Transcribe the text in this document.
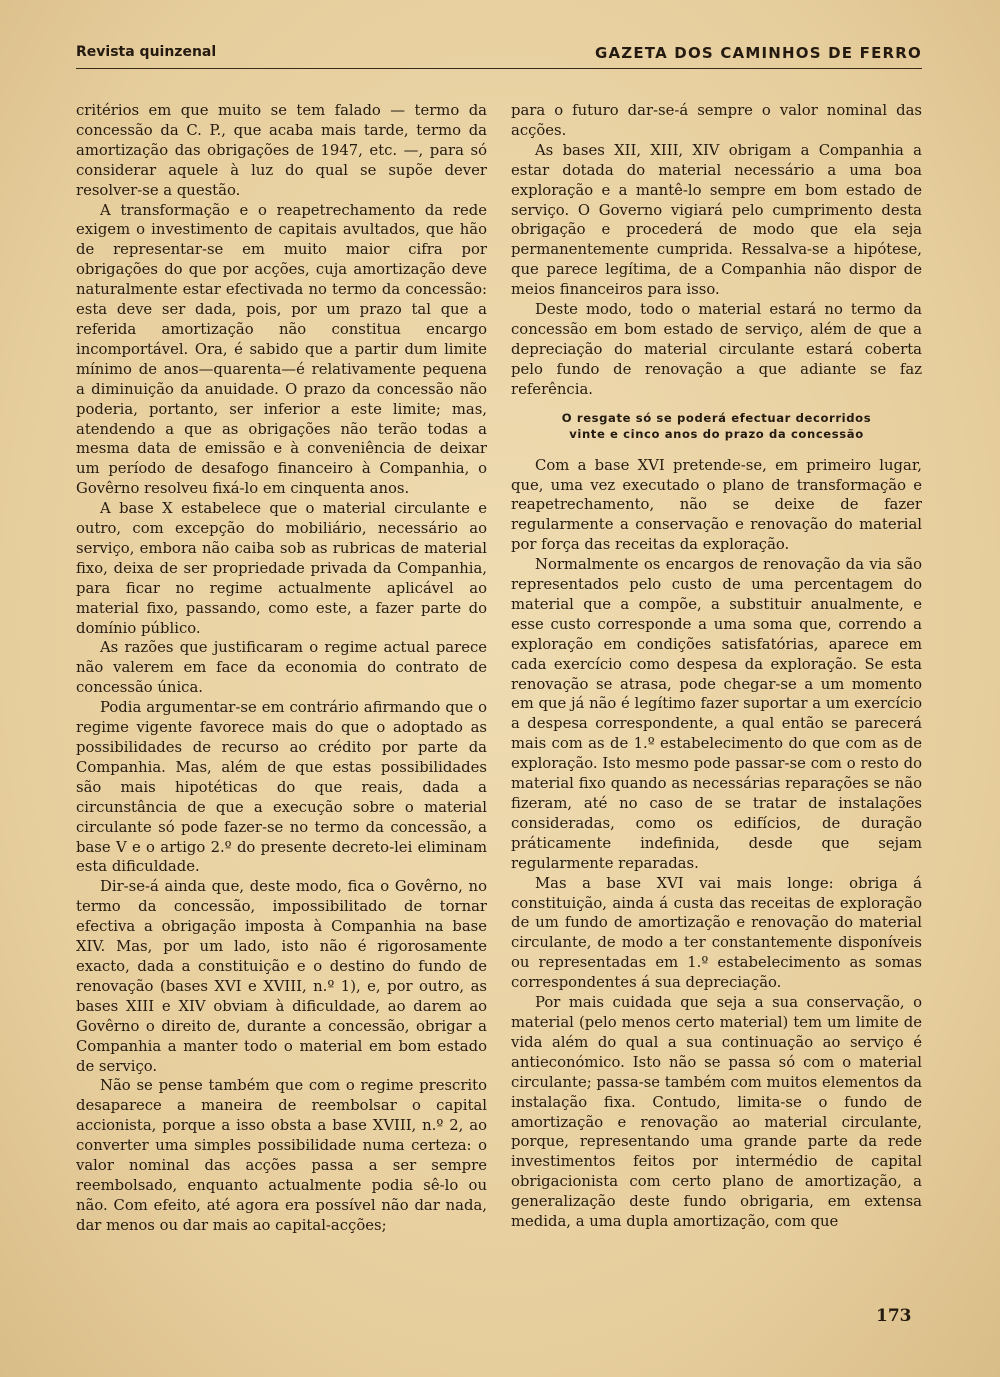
Revista quinzenal	GAZETA DOS CAMINHOS DE FERRO

critérios em que muito se tem falado — termo da concessão da C. P., que acaba mais tarde, termo da amortização das obrigações de 1947, etc. —, para só considerar aquele à luz do qual se supõe dever resolver-se a questão.

A transformação e o reapetrechamento da rede exigem o investimento de capitais avultados, que hão de representar-se em muito maior cifra por obrigações do que por acções, cuja amortização deve naturalmente estar efectivada no termo da concessão: esta deve ser dada, pois, por um prazo tal que a referida amortização não constitua encargo incomportável. Ora, é sabido que a partir dum limite mínimo de anos—quarenta—é relativamente pequena a diminuição da anuidade. O prazo da concessão não poderia, portanto, ser inferior a este limite; mas, atendendo a que as obrigações não terão todas a mesma data de emissão e à conveniência de deixar um período de desafogo financeiro à Companhia, o Govêrno resolveu fixá-lo em cinquenta anos.

A base X estabelece que o material circulante e outro, com excepção do mobiliário, necessário ao serviço, embora não caiba sob as rubricas de material fixo, deixa de ser propriedade privada da Companhia, para ficar no regime actualmente aplicável ao material fixo, passando, como este, a fazer parte do domínio público.

As razões que justificaram o regime actual parece não valerem em face da economia do contrato de concessão única.

Podia argumentar-se em contrário afirmando que o regime vigente favorece mais do que o adoptado as possibilidades de recurso ao crédito por parte da Companhia. Mas, além de que estas possibilidades são mais hipotéticas do que reais, dada a circunstância de que a execução sobre o material circulante só pode fazer-se no termo da concessão, a base V e o artigo 2.º do presente decreto-lei eliminam esta dificuldade.

Dir-se-á ainda que, deste modo, fica o Govêrno, no termo da concessão, impossibilitado de tornar efectiva a obrigação imposta à Companhia na base XIV. Mas, por um lado, isto não é rigorosamente exacto, dada a constituição e o destino do fundo de renovação (bases XVI e XVIII, n.º 1), e, por outro, as bases XIII e XIV obviam à dificuldade, ao darem ao Govêrno o direito de, durante a concessão, obrigar a Companhia a manter todo o material em bom estado de serviço.

Não se pense também que com o regime prescrito desaparece a maneira de reembolsar o capital accionista, porque a isso obsta a base XVIII, n.º 2, ao converter uma simples possibilidade numa certeza: o valor nominal das acções passa a ser sempre reembolsado, enquanto actualmente podia sê-lo ou não. Com efeito, até agora era possível não dar nada, dar menos ou dar mais ao capital-acções;

para o futuro dar-se-á sempre o valor nominal das acções.

As bases XII, XIII, XIV obrigam a Companhia a estar dotada do material necessário a uma boa exploração e a mantê-lo sempre em bom estado de serviço. O Governo vigiará pelo cumprimento desta obrigação e procederá de modo que ela seja permanentemente cumprida. Ressalva-se a hipótese, que parece legítima, de a Companhia não dispor de meios financeiros para isso.

Deste modo, todo o material estará no termo da concessão em bom estado de serviço, além de que a depreciação do material circulante estará coberta pelo fundo de renovação a que adiante se faz referência.

O resgate só se poderá efectuar decorridos
vinte e cinco anos do prazo da concessão

Com a base XVI pretende-se, em primeiro lugar, que, uma vez executado o plano de transformação e reapetrechamento, não se deixe de fazer regularmente a conservação e renovação do material por força das receitas da exploração.

Normalmente os encargos de renovação da via são representados pelo custo de uma percentagem do material que a compõe, a substituir anualmente, e esse custo corresponde a uma soma que, correndo a exploração em condições satisfatórias, aparece em cada exercício como despesa da exploração. Se esta renovação se atrasa, pode chegar-se a um momento em que já não é legítimo fazer suportar a um exercício a despesa correspondente, a qual então se parecerá mais com as de 1.º estabelecimento do que com as de exploração. Isto mesmo pode passar-se com o resto do material fixo quando as necessárias reparações se não fizeram, até no caso de se tratar de instalações consideradas, como os edifícios, de duração práticamente indefinida, desde que sejam regularmente reparadas.

Mas a base XVI vai mais longe: obriga á constituição, ainda á custa das receitas de exploração de um fundo de amortização e renovação do material circulante, de modo a ter constantemente disponíveis ou representadas em 1.º estabelecimento as somas correspondentes á sua depreciação.

Por mais cuidada que seja a sua conservação, o material (pelo menos certo material) tem um limite de vida além do qual a sua continuação ao serviço é antieconómico. Isto não se passa só com o material circulante; passa-se também com muitos elementos da instalação fixa. Contudo, limita-se o fundo de amortização e renovação ao material circulante, porque, representando uma grande parte da rede investimentos feitos por intermédio de capital obrigacionista com certo plano de amortização, a generalização deste fundo obrigaria, em extensa medida, a uma dupla amortização, com que

173
